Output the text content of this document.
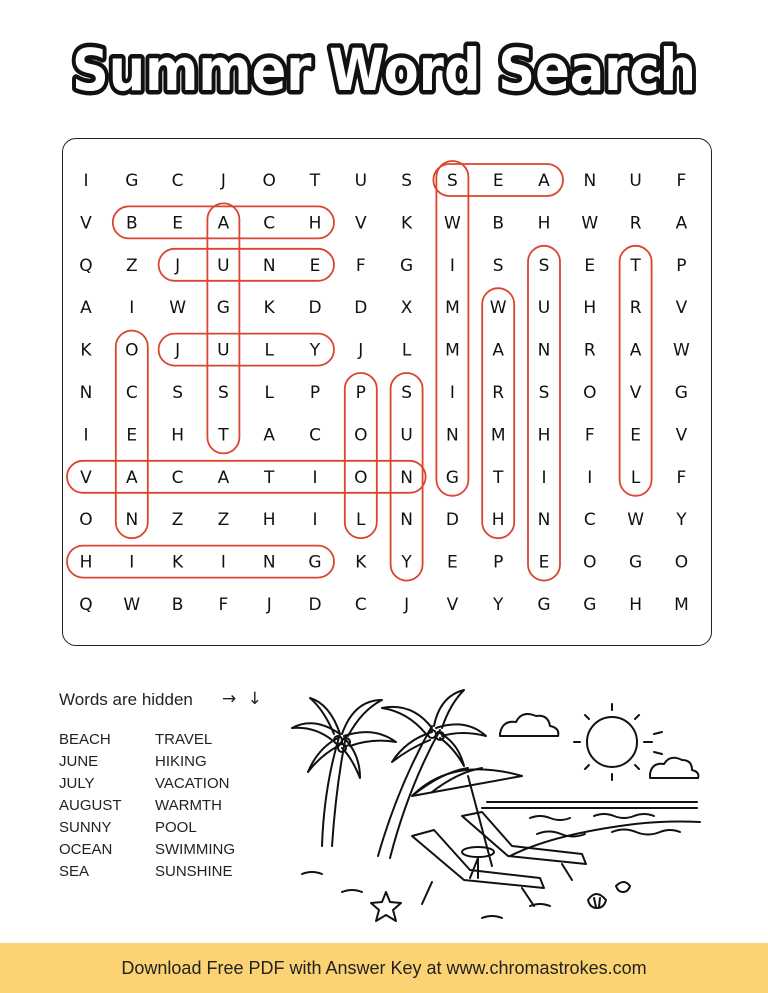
Summer Word Search
I G C J O T U S S E A N U F
V B E A C H V K W B H W R A
Q Z J U N E F G I S S E T P
A I W G K D D X M W U H R V
K O J U L Y J L M A N R A W
N C S S L P P S I R S O V G
I E H T A C O U N M H F E V
V A C A T I O N G T I I L F
O N Z Z H I L N D H N C W Y
H I K I N G K Y E P E O G O
Q W B F J D C J V Y G G H M
Words are hidden → ↓
BEACH
JUNE
JULY
AUGUST
SUNNY
OCEAN
SEA
TRAVEL
HIKING
VACATION
WARMTH
POOL
SWIMMING
SUNSHINE
Download Free PDF with Answer Key at www.chromastrokes.com
